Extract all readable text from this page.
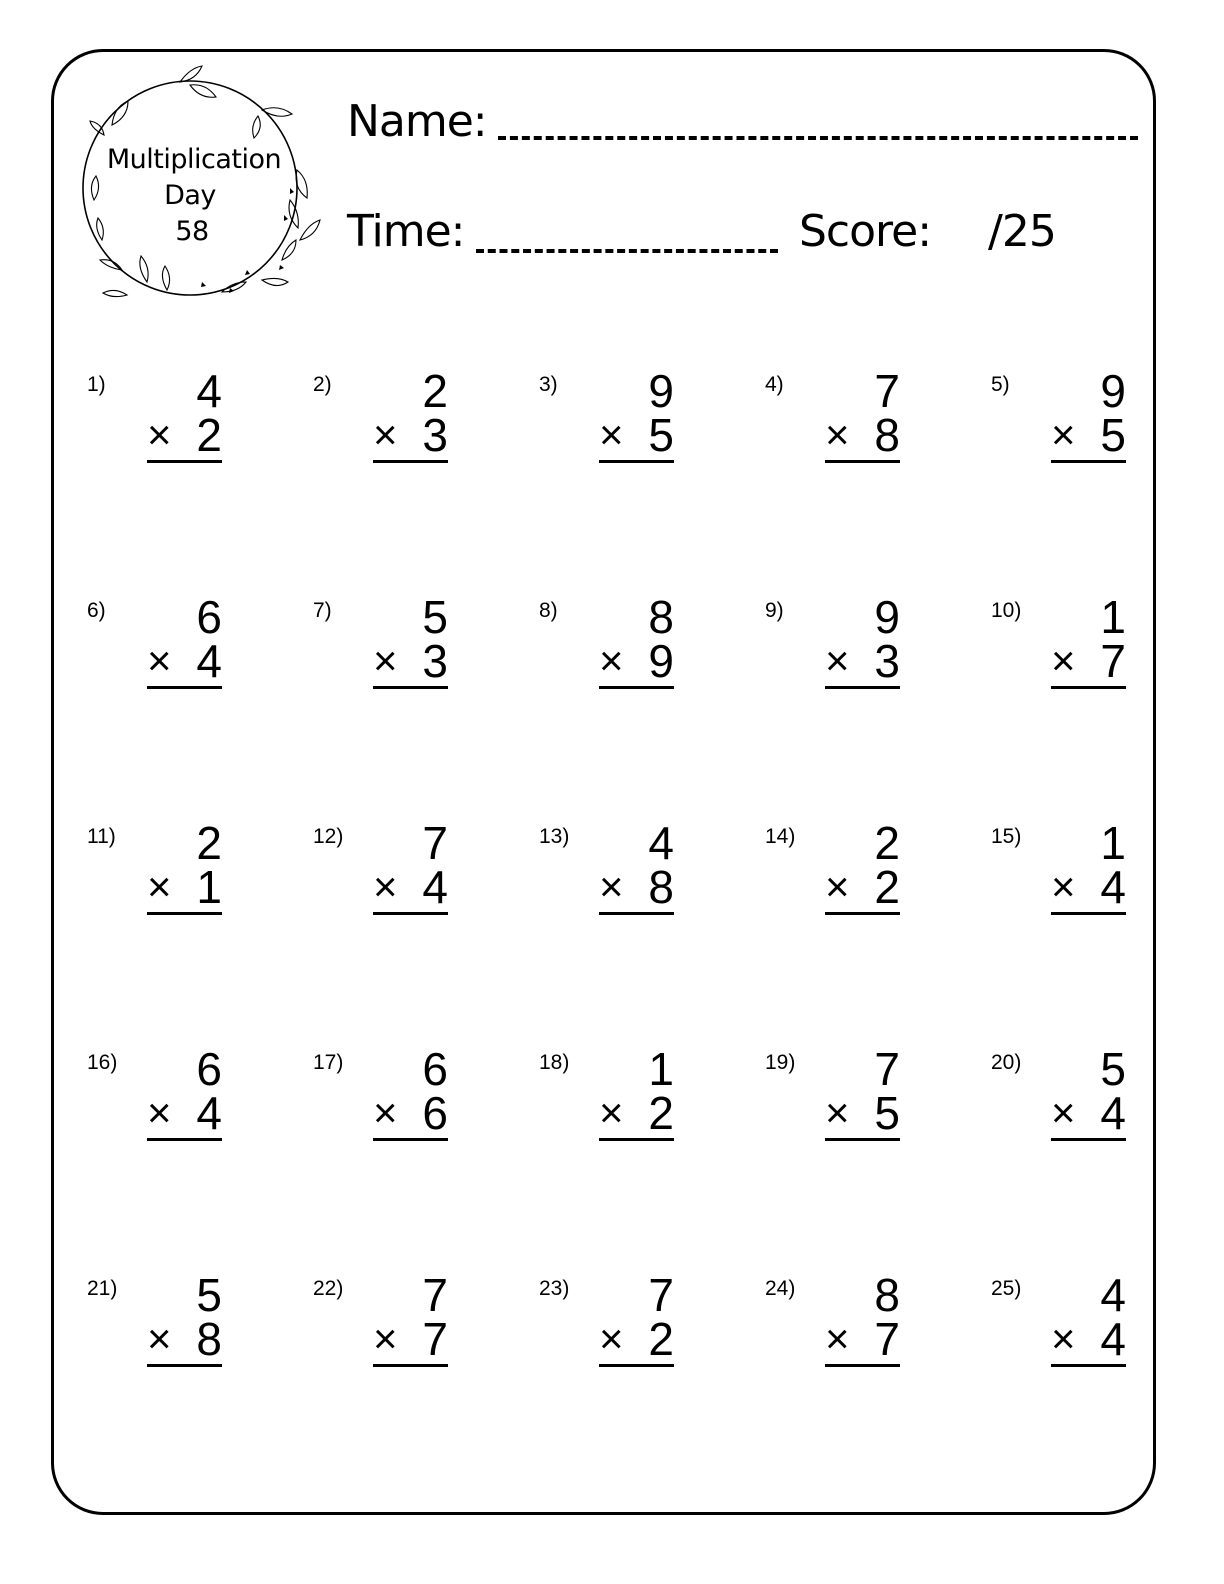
Multiplication
Day
58
Name:
Time:	Score: /25
1) 4
× 2
2) 2
× 3
3) 9
× 5
4) 7
× 8
5) 9
× 5
6) 6
× 4
7) 5
× 3
8) 8
× 9
9) 9
× 3
10) 1
× 7
11) 2
× 1
12) 7
× 4
13) 4
× 8
14) 2
× 2
15) 1
× 4
16) 6
× 4
17) 6
× 6
18) 1
× 2
19) 7
× 5
20) 5
× 4
21) 5
× 8
22) 7
× 7
23) 7
× 2
24) 8
× 7
25) 4
× 4
